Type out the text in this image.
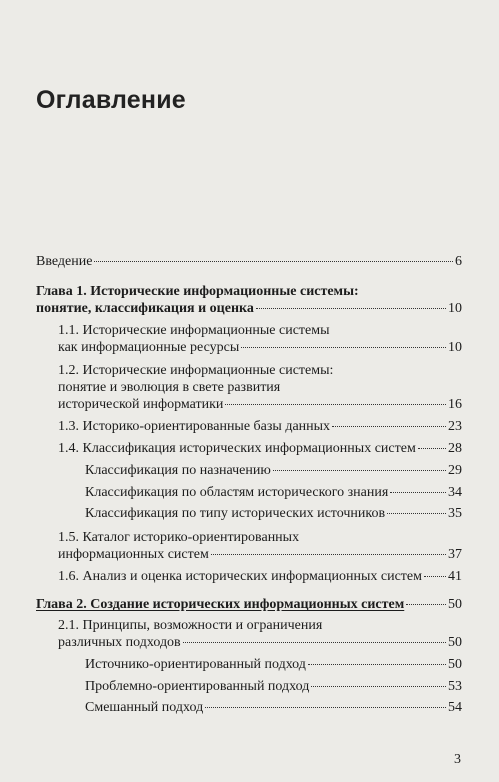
Оглавление
Введение	6
Глава 1. Исторические информационные системы:
понятие, классификация и оценка	10
1.1. Исторические информационные системы
как информационные ресурсы	10
1.2. Исторические информационные системы:
понятие и эволюция в свете развития
исторической информатики	16
1.3. Историко-ориентированные базы данных	23
1.4. Классификация исторических информационных систем 28
Классификация по назначению	29
Классификация по областям исторического знания	34
Классификация по типу исторических источников	35
1.5. Каталог историко-ориентированных
информационных систем	37
1.6. Анализ и оценка исторических информационных систем 41
Глава 2. Создание исторических информационных систем	50
2.1. Принципы, возможности и ограничения
различных подходов	50
Источнико-ориентированный подход	50
Проблемно-ориентированный подход	53
Смешанный подход	54
3
